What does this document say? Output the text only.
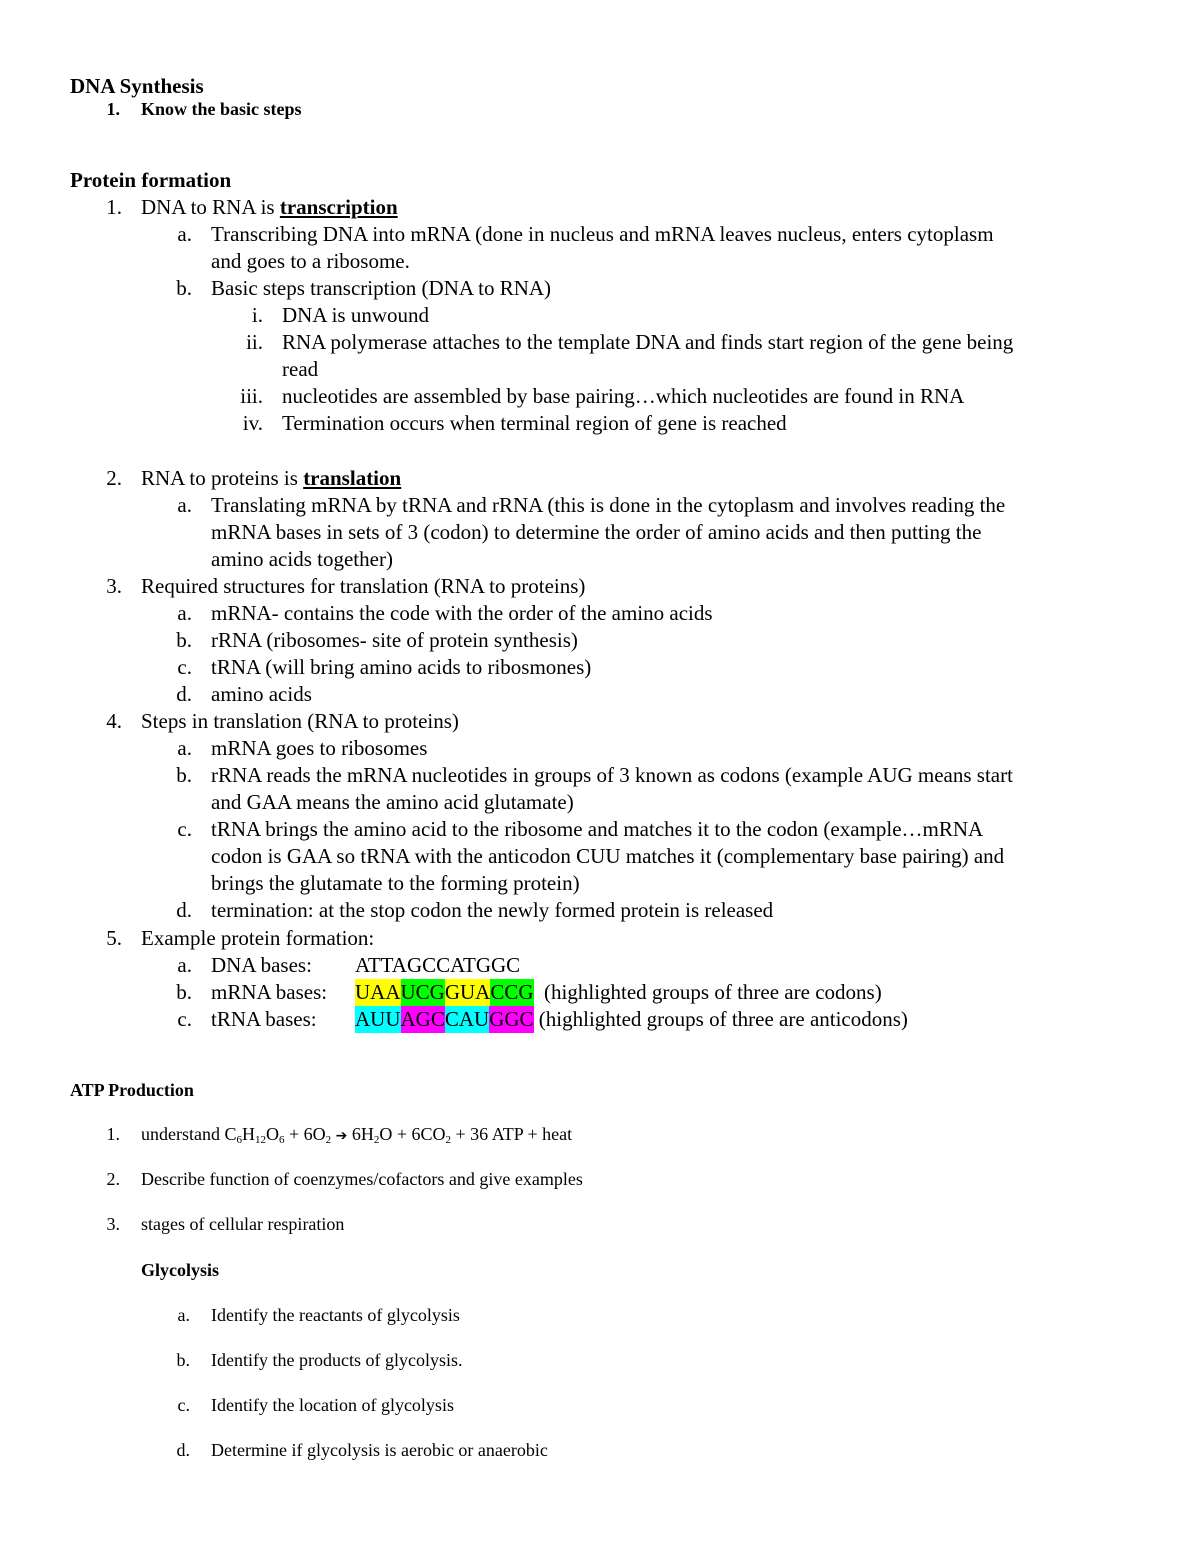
DNA Synthesis
1. Know the basic steps
Protein formation
1. DNA to RNA is transcription
a. Transcribing DNA into mRNA (done in nucleus and mRNA leaves nucleus, enters cytoplasm
and goes to a ribosome.
b. Basic steps transcription (DNA to RNA)
i. DNA is unwound
ii. RNA polymerase attaches to the template DNA and finds start region of the gene being
read
iii. nucleotides are assembled by base pairing…which nucleotides are found in RNA
iv. Termination occurs when terminal region of gene is reached
2. RNA to proteins is translation
a. Translating mRNA by tRNA and rRNA (this is done in the cytoplasm and involves reading the
mRNA bases in sets of 3 (codon) to determine the order of amino acids and then putting the
amino acids together)
3. Required structures for translation (RNA to proteins)
a. mRNA- contains the code with the order of the amino acids
b. rRNA (ribosomes- site of protein synthesis)
c. tRNA (will bring amino acids to ribosmones)
d. amino acids
4. Steps in translation (RNA to proteins)
a. mRNA goes to ribosomes
b. rRNA reads the mRNA nucleotides in groups of 3 known as codons (example AUG means start
and GAA means the amino acid glutamate)
c. tRNA brings the amino acid to the ribosome and matches it to the codon (example…mRNA
codon is GAA so tRNA with the anticodon CUU matches it (complementary base pairing) and
brings the glutamate to the forming protein)
d. termination: at the stop codon the newly formed protein is released
5. Example protein formation:
a. DNA bases: ATTAGCCATGGC
b. mRNA bases: UAAUCGGUACCG (highlighted groups of three are codons)
c. tRNA bases: AUUAGCCAUGGC (highlighted groups of three are anticodons)
ATP Production
1. understand $C_6H_{12}O_6 + 6O_2$ ➔ $6H_2O + 6CO_2 + 36$ ATP + heat
2. Describe function of coenzymes/cofactors and give examples
3. stages of cellular respiration
Glycolysis
a. Identify the reactants of glycolysis
b. Identify the products of glycolysis.
c. Identify the location of glycolysis
d. Determine if glycolysis is aerobic or anaerobic
